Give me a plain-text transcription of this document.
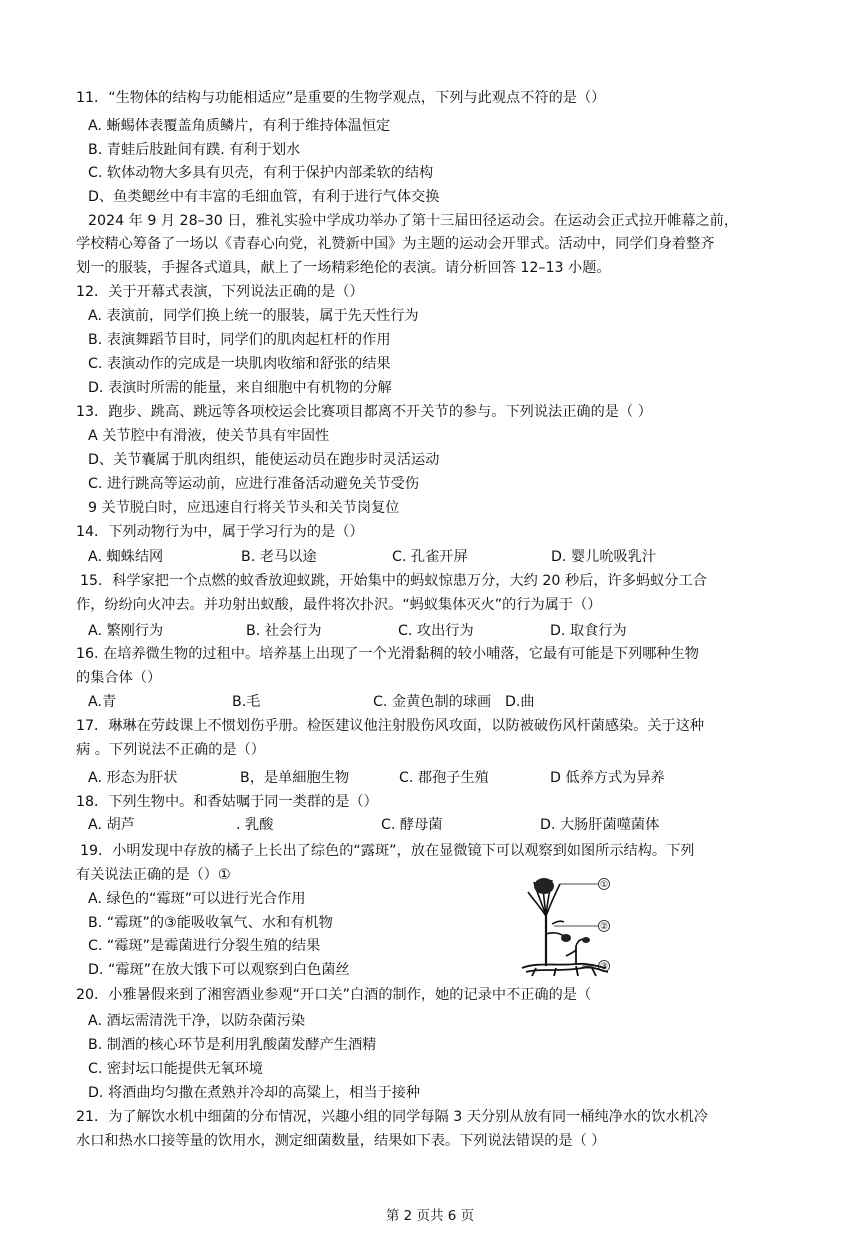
11．“生物体的结构与功能相适应”是重要的生物学观点，下列与此观点不符的是（）
A. 蜥蜴体表覆盖角质鳞片，有利于维持体温恒定
B. 青蛙后肢趾间有蹼. 有利于划水
C. 软体动物大多具有贝壳，有利于保护内部柔软的结构
D、鱼类鳃丝中有丰富的毛细血管，有利于进行气体交换
2024 年 9 月 28–30 日，雅礼实验中学成功举办了第十三届田径运动会。在运动会正式拉开帷幕之前，
学校精心筹备了一场以《青春心向党，礼赞新中国》为主题的运动会开罪式。活动中，同学们身着整齐
划一的服装，手握各式道具，献上了一场精彩绝伦的表演。请分析回答 12–13 小题。
12．关于开幕式表演，下列说法正确的是（）
A. 表演前，同学们换上统一的服装，属于先天性行为
B. 表演舞蹈节目时，同学们的肌肉起杠杆的作用
C. 表演动作的完成是一块肌肉收缩和舒张的结果
D. 表演时所需的能量，来自细胞中有机物的分解
13．跑步、跳高、跳远等各项校运会比赛项目都离不开关节的参与。下列说法正确的是（ ）
A 关节腔中有滑液，使关节具有牢固性
D、关节囊属于肌肉组织，能使运动员在跑步时灵活运动
C. 进行跳高等运动前，应进行准备活动避免关节受伤
9 关节脱白时，应迅速自行将关节头和关节岗复位
14．下列动物行为中，属于学习行为的是（）
A. 蜘蛛结网	B. 老马以途	C. 孔雀开屏	D. 婴儿吮吸乳汁
15．科学家把一个点燃的蚊香放迎蚁跳，开始集中的蚂蚁惊患万分，大约 20 秒后，许多蚂蚁分工合
作，纷纷向火冲去。并功射出蚁酸，最件将次扑沢。“蚂蚁集体灭火”的行为属于（）
A. 繁刚行为	B. 社会行为	C. 攻出行为	D. 取食行为
16. 在培养微生物的过租中。培养基上出现了一个光滑黏稠的较小哺落，它最有可能是下列哪种生物
的集合体（）
A.青	B.毛	C. 金黄色制的球画 D.曲
17．琳琳在劳歧课上不惯划伤乎册。检医建议他注射股伤风攻面，以防被破伤风杆菌感染。关于这种
病 。下列说法不正确的是（）
A. 形态为肝状	B，是单細胞生物	C. 郡孢子生殖	D 低养方式为异养
18．下列生物中。和香姑嘱于同一类群的是（）
A. 胡芦	. 乳酸	C. 酵母菌	D. 大肠肝菌噬菌体
19．小明发现中存放的橘子上长出了综色的“露斑”，放在显微镜下可以观察到如图所示结构。下列
有关说法正确的是（）①
A. 绿色的“霉斑”可以进行光合作用
B. “霉斑”的③能吸收氧气、水和有机物
C. “霉斑”是霉菌进行分裂生殖的结果
D. “霉斑”在放大饿下可以观察到白色菌丝
①
②
③
20．小雅暑假来到了湘窖酒业参观“开口关”白酒的制作，她的记录中不正确的是（
A. 酒坛需清洗干净，以防杂菌污染
B. 制酒的核心环节是利用乳酸菌发酵产生酒精
C. 密封坛口能提供无氧环境
D. 将酒曲均匀撒在煮熟并冷却的高粱上，相当于接种
21．为了解饮水机中细菌的分布情况，兴趣小组的同学每隔 3 天分别从放有同一桶纯净水的饮水机冷
水口和热水口接等量的饮用水，测定细菌数量，结果如下表。下列说法错误的是（ ）
第 2 页共 6 页
